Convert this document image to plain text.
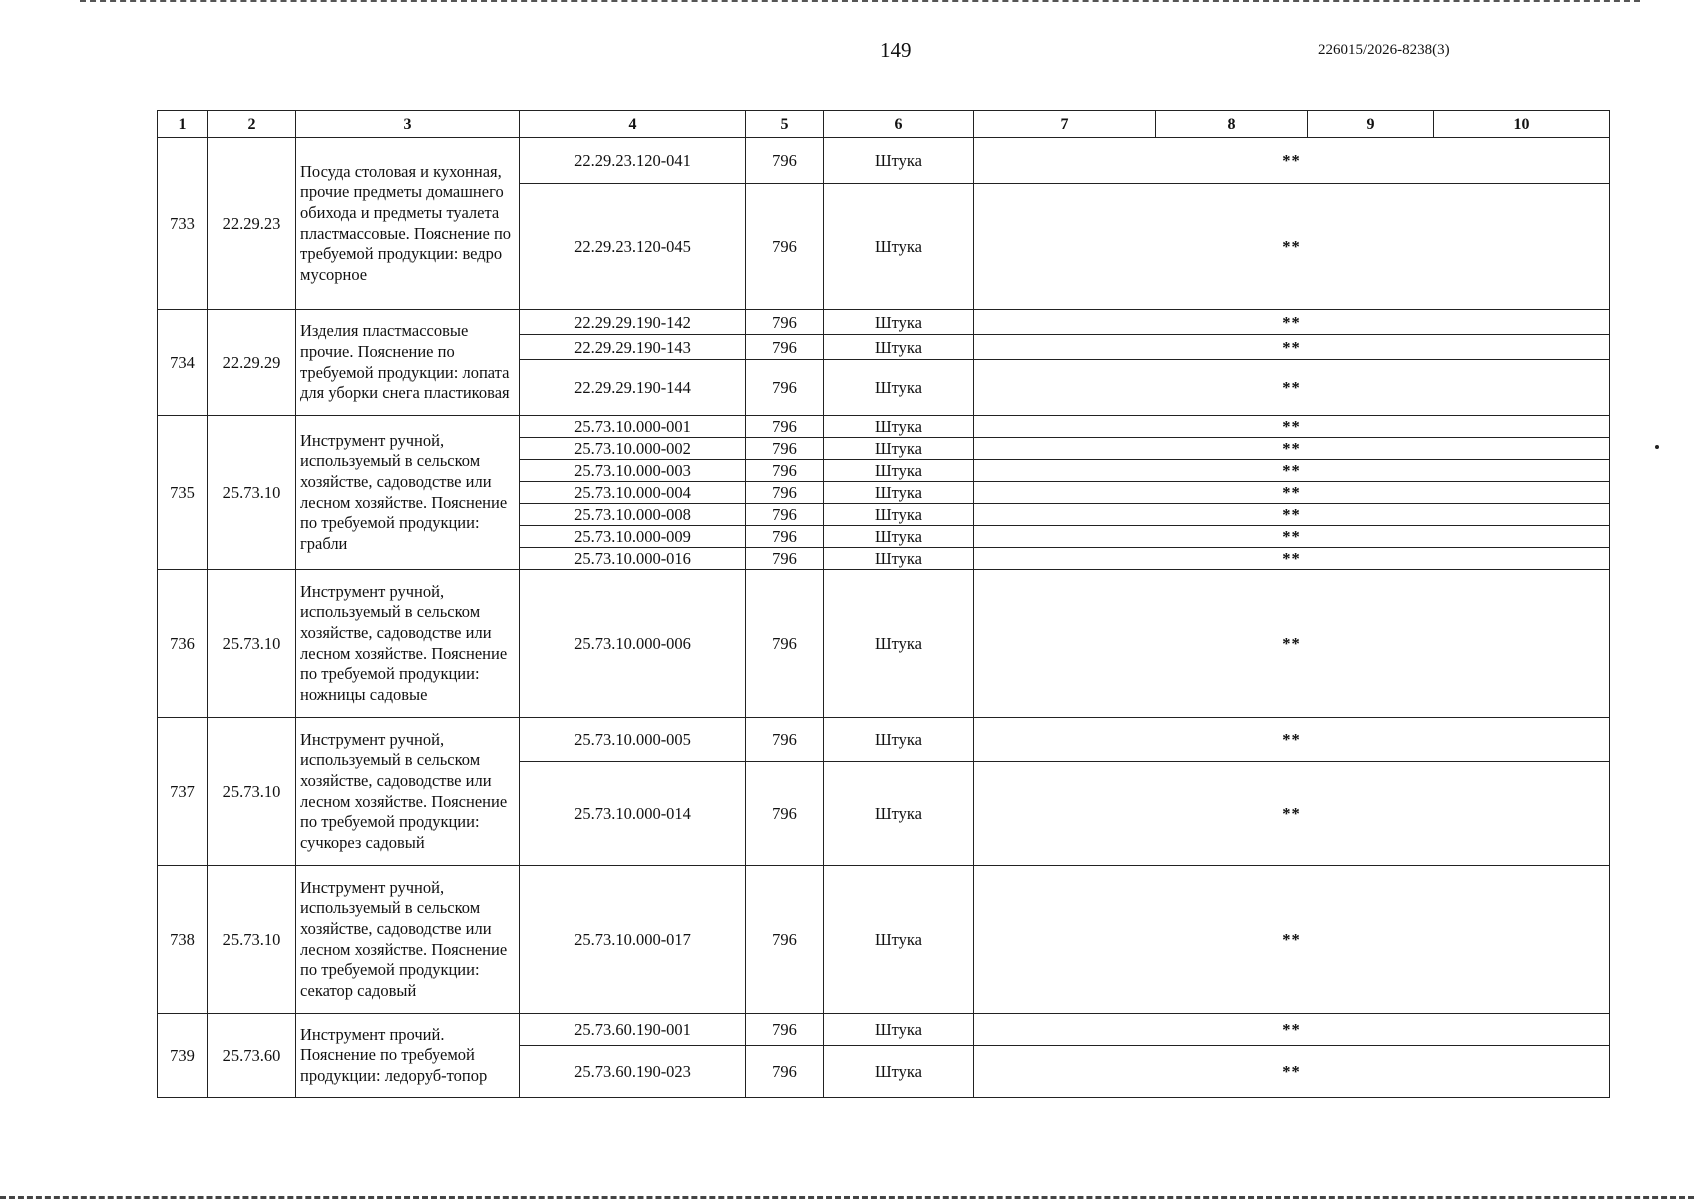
149	226015/2026-8238(3)
1	2	3	4	5	6	7	8	9	10
733	22.29.23	Посуда столовая и кухонная, прочие предметы домашнего обихода и предметы туалета пластмассовые. Пояснение по требуемой продукции: ведро мусорное	22.29.23.120-041	796	Штука	**			
			22.29.23.120-045	796	Штука	**			
734	22.29.29	Изделия пластмассовые прочие. Пояснение по требуемой продукции: лопата для уборки снега пластиковая	22.29.29.190-142	796	Штука	**			
			22.29.29.190-143	796	Штука	**			
			22.29.29.190-144	796	Штука	**			
735	25.73.10	Инструмент ручной, используемый в сельском хозяйстве, садоводстве или лесном хозяйстве. Пояснение по требуемой продукции: грабли	25.73.10.000-001	796	Штука	**			
			25.73.10.000-002	796	Штука	**			
			25.73.10.000-003	796	Штука	**			
			25.73.10.000-004	796	Штука	**			
			25.73.10.000-008	796	Штука	**			
			25.73.10.000-009	796	Штука	**			
			25.73.10.000-016	796	Штука	**			
736	25.73.10	Инструмент ручной, используемый в сельском хозяйстве, садоводстве или лесном хозяйстве. Пояснение по требуемой продукции: ножницы садовые	25.73.10.000-006	796	Штука	**			
737	25.73.10	Инструмент ручной, используемый в сельском хозяйстве, садоводстве или лесном хозяйстве. Пояснение по требуемой продукции: сучкорез садовый	25.73.10.000-005	796	Штука	**			
			25.73.10.000-014	796	Штука	**			
738	25.73.10	Инструмент ручной, используемый в сельском хозяйстве, садоводстве или лесном хозяйстве. Пояснение по требуемой продукции: секатор садовый	25.73.10.000-017	796	Штука	**			
739	25.73.60	Инструмент прочий. Пояснение по требуемой продукции: ледоруб-топор	25.73.60.190-001	796	Штука	**			
			25.73.60.190-023	796	Штука	**			
